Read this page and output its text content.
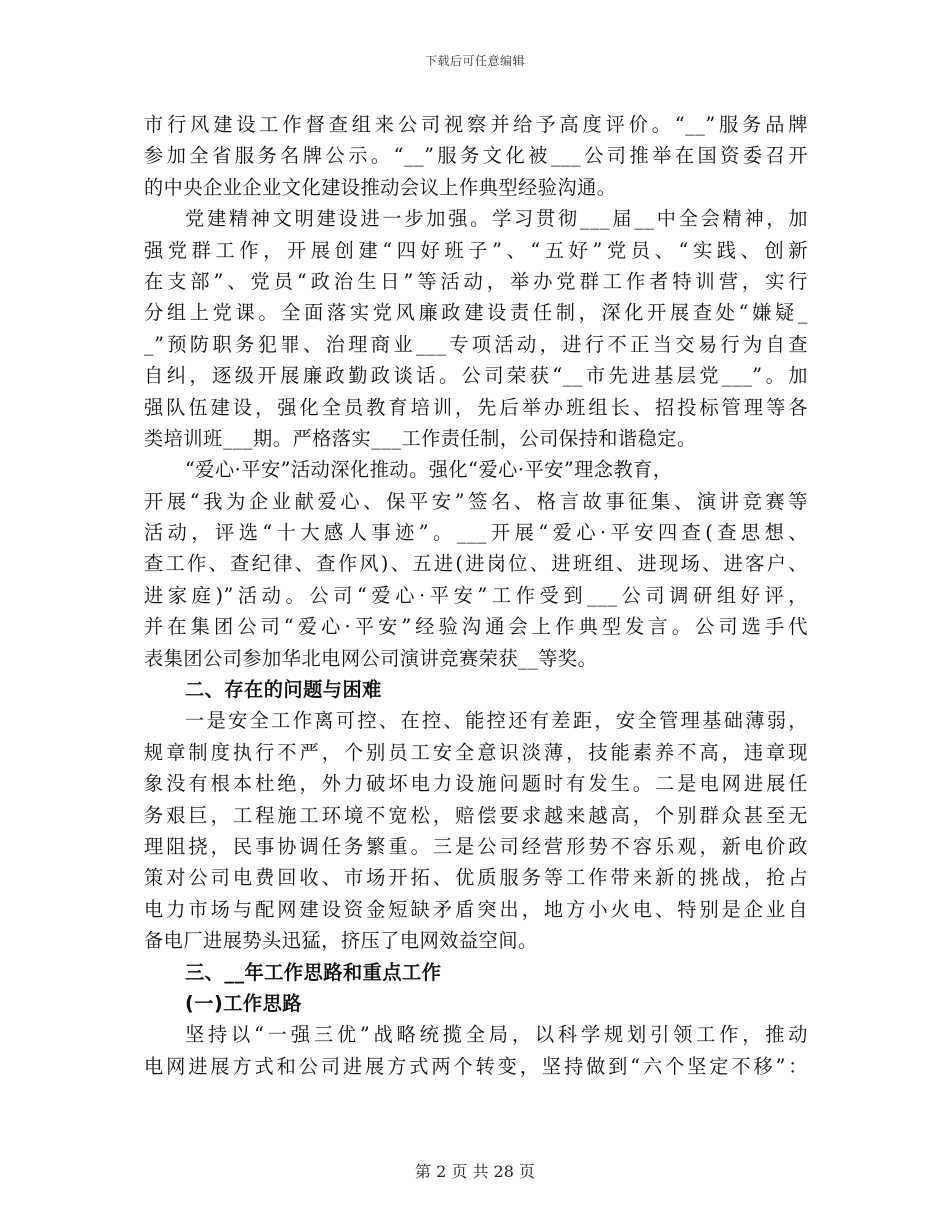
下载后可任意编辑
市行风建设工作督查组来公司视察并给予高度评价。“__”服务品牌
参加全省服务名牌公示。“__”服务文化被___公司推举在国资委召开
的中央企业企业文化建设推动会议上作典型经验沟通。
党建精神文明建设进一步加强。学习贯彻___届__中全会精神，加
强党群工作，开展创建“四好班子”、“五好”党员、“实践、创新
在支部”、党员“政治生日”等活动，举办党群工作者特训营，实行
分组上党课。全面落实党风廉政建设责任制，深化开展查处“嫌疑_
_”预防职务犯罪、治理商业___专项活动，进行不正当交易行为自查
自纠，逐级开展廉政勤政谈话。公司荣获“__市先进基层党___”。加
强队伍建设，强化全员教育培训，先后举办班组长、招投标管理等各
类培训班___期。严格落实___工作责任制，公司保持和谐稳定。
“爱心·平安”活动深化推动。强化“爱心·平安”理念教育，
开展“我为企业献爱心、保平安”签名、格言故事征集、演讲竞赛等
活动，评选“十大感人事迹”。___开展“爱心·平安四查(查思想、
查工作、查纪律、查作风)、五进(进岗位、进班组、进现场、进客户、
进家庭)”活动。公司“爱心·平安”工作受到___公司调研组好评，
并在集团公司“爱心·平安”经验沟通会上作典型发言。公司选手代
表集团公司参加华北电网公司演讲竞赛荣获__等奖。
二、存在的问题与困难
一是安全工作离可控、在控、能控还有差距，安全管理基础薄弱，
规章制度执行不严，个别员工安全意识淡薄，技能素养不高，违章现
象没有根本杜绝，外力破坏电力设施问题时有发生。二是电网进展任
务艰巨，工程施工环境不宽松，赔偿要求越来越高，个别群众甚至无
理阻挠，民事协调任务繁重。三是公司经营形势不容乐观，新电价政
策对公司电费回收、市场开拓、优质服务等工作带来新的挑战，抢占
电力市场与配网建设资金短缺矛盾突出，地方小火电、特别是企业自
备电厂进展势头迅猛，挤压了电网效益空间。
三、__年工作思路和重点工作
(一)工作思路
坚持以“一强三优”战略统揽全局，以科学规划引领工作，推动
电网进展方式和公司进展方式两个转变，坚持做到“六个坚定不移”：
第 2 页 共 28 页
